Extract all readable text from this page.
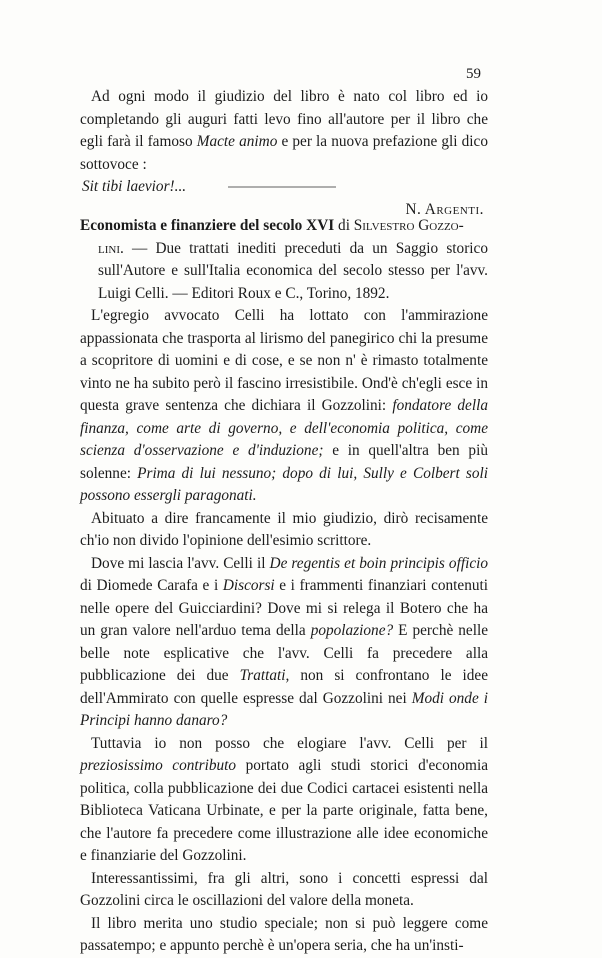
59

Ad ogni modo il giudizio del libro è nato col libro ed io completando gli auguri fatti levo fino all'autore per il libro che egli farà il famoso Macte animo e per la nuova prefazione gli dico sottovoce :

Sit tibi laevior!...

N. Argenti.

Economista e finanziere del secolo XVI di Silvestro Gozzo-

lini. — Due trattati inediti preceduti da un Saggio storico sull'Autore e sull'Italia economica del secolo stesso per l'avv. Luigi Celli. — Editori Roux e C., Torino, 1892.

L'egregio avvocato Celli ha lottato con l'ammirazione appassionata che trasporta al lirismo del panegirico chi la presume a scopritore di uomini e di cose, e se non n' è rimasto totalmente vinto ne ha subito però il fascino irresistibile. Ond'è ch'egli esce in questa grave sentenza che dichiara il Gozzolini: fondatore della finanza, come arte di governo, e dell'economia politica, come scienza d'osservazione e d'induzione; e in quell'altra ben più solenne: Prima di lui nessuno; dopo di lui, Sully e Colbert soli possono essergli paragonati.

Abituato a dire francamente il mio giudizio, dirò recisamente ch'io non divido l'opinione dell'esimio scrittore.

Dove mi lascia l'avv. Celli il De regentis et boin principis officio di Diomede Carafa e i Discorsi e i frammenti finanziari contenuti nelle opere del Guicciardini? Dove mi si relega il Botero che ha un gran valore nell'arduo tema della popolazione? E perchè nelle belle note esplicative che l'avv. Celli fa precedere alla pubblicazione dei due Trattati, non si confrontano le idee dell'Ammirato con quelle espresse dal Gozzolini nei Modi onde i Principi hanno danaro?

Tuttavia io non posso che elogiare l'avv. Celli per il preziosissimo contributo portato agli studi storici d'economia politica, colla pubblicazione dei due Codici cartacei esistenti nella Biblioteca Vaticana Urbinate, e per la parte originale, fatta bene, che l'autore fa precedere come illustrazione alle idee economiche e finanziarie del Gozzolini.

Interessantissimi, fra gli altri, sono i concetti espressi dal Gozzolini circa le oscillazioni del valore della moneta.

Il libro merita uno studio speciale; non si può leggere come passatempo; e appunto perchè è un'opera seria, che ha un'insti-
